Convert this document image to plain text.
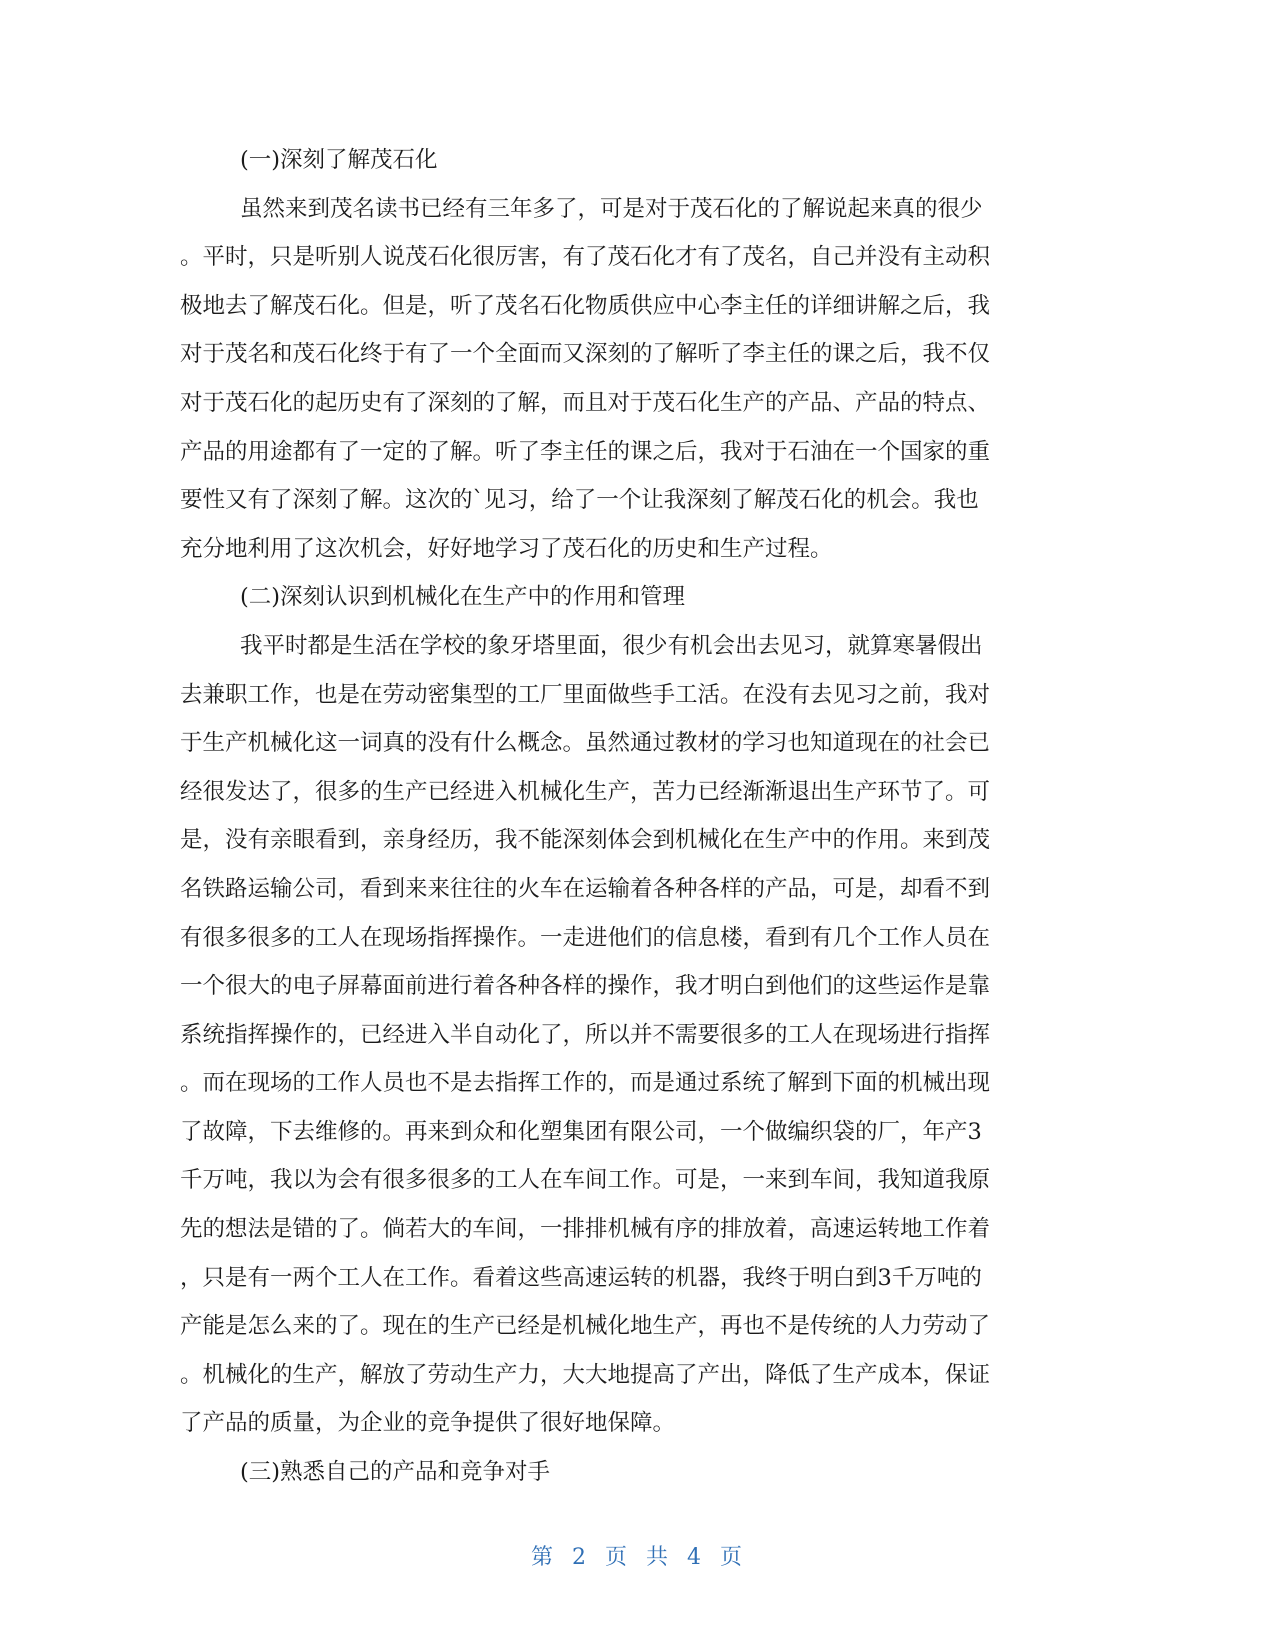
(一)深刻了解茂石化
虽然来到茂名读书已经有三年多了，可是对于茂石化的了解说起来真的很少
。平时，只是听别人说茂石化很厉害，有了茂石化才有了茂名，自己并没有主动积
极地去了解茂石化。但是，听了茂名石化物质供应中心李主任的详细讲解之后，我
对于茂名和茂石化终于有了一个全面而又深刻的了解听了李主任的课之后，我不仅
对于茂石化的起历史有了深刻的了解，而且对于茂石化生产的产品、产品的特点、
产品的用途都有了一定的了解。听了李主任的课之后，我对于石油在一个国家的重
要性又有了深刻了解。这次的`见习，给了一个让我深刻了解茂石化的机会。我也
充分地利用了这次机会，好好地学习了茂石化的历史和生产过程。
(二)深刻认识到机械化在生产中的作用和管理
我平时都是生活在学校的象牙塔里面，很少有机会出去见习，就算寒暑假出
去兼职工作，也是在劳动密集型的工厂里面做些手工活。在没有去见习之前，我对
于生产机械化这一词真的没有什么概念。虽然通过教材的学习也知道现在的社会已
经很发达了，很多的生产已经进入机械化生产，苦力已经渐渐退出生产环节了。可
是，没有亲眼看到，亲身经历，我不能深刻体会到机械化在生产中的作用。来到茂
名铁路运输公司，看到来来往往的火车在运输着各种各样的产品，可是，却看不到
有很多很多的工人在现场指挥操作。一走进他们的信息楼，看到有几个工作人员在
一个很大的电子屏幕面前进行着各种各样的操作，我才明白到他们的这些运作是靠
系统指挥操作的，已经进入半自动化了，所以并不需要很多的工人在现场进行指挥
。而在现场的工作人员也不是去指挥工作的，而是通过系统了解到下面的机械出现
了故障，下去维修的。再来到众和化塑集团有限公司，一个做编织袋的厂，年产3
千万吨，我以为会有很多很多的工人在车间工作。可是，一来到车间，我知道我原
先的想法是错的了。倘若大的车间，一排排机械有序的排放着，高速运转地工作着
，只是有一两个工人在工作。看着这些高速运转的机器，我终于明白到3千万吨的
产能是怎么来的了。现在的生产已经是机械化地生产，再也不是传统的人力劳动了
。机械化的生产，解放了劳动生产力，大大地提高了产出，降低了生产成本，保证
了产品的质量，为企业的竞争提供了很好地保障。
(三)熟悉自己的产品和竞争对手
第 2 页 共 4 页
